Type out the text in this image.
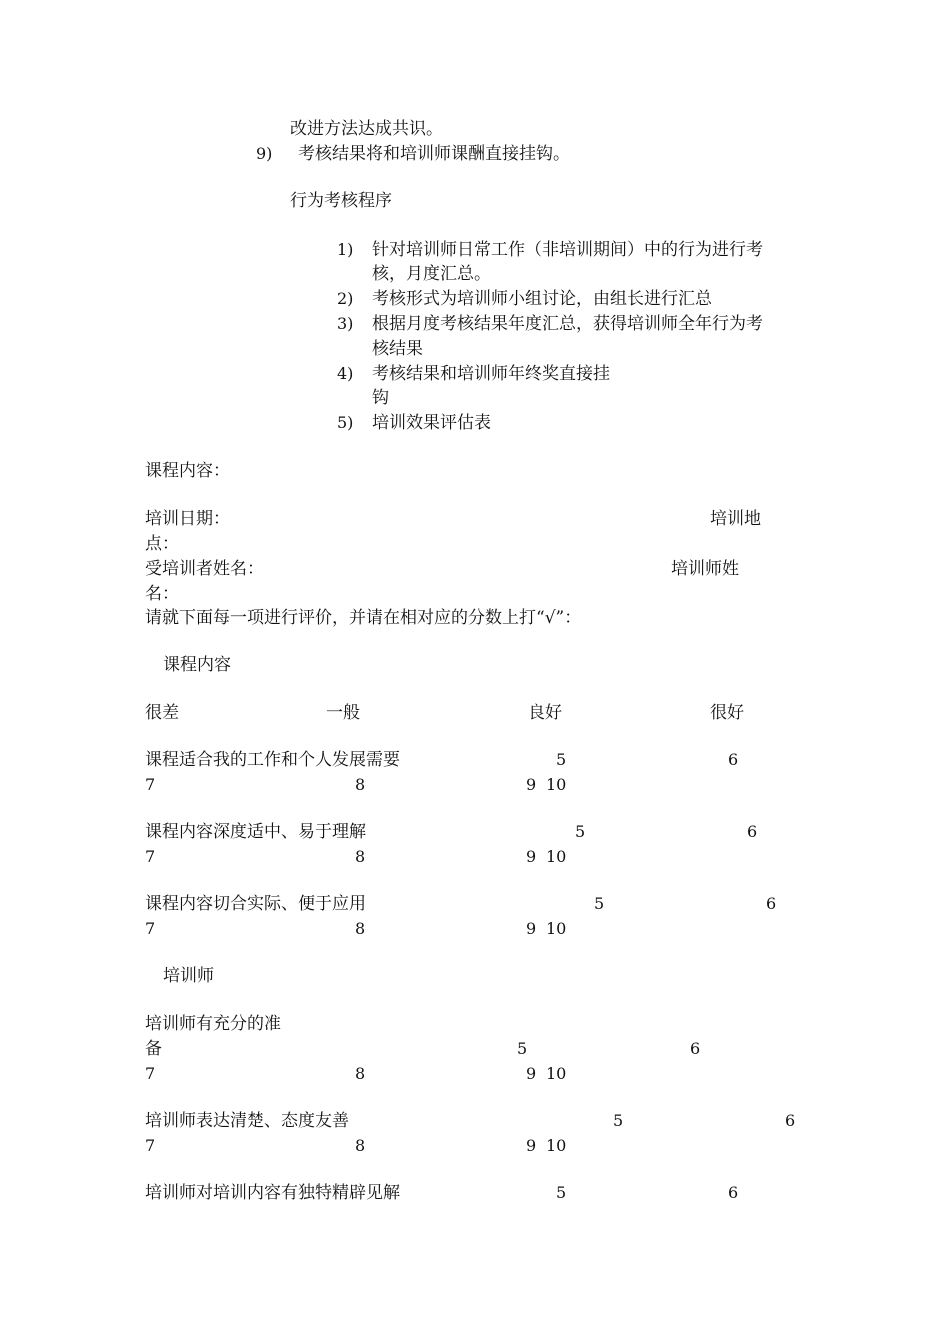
改进方法达成共识。
9) 考核结果将和培训师课酬直接挂钩。
行为考核程序
1) 针对培训师日常工作（非培训期间）中的行为进行考
核，月度汇总。
2) 考核形式为培训师小组讨论，由组长进行汇总
3) 根据月度考核结果年度汇总，获得培训师全年行为考
核结果
4) 考核结果和培训师年终奖直接挂
钩
5) 培训效果评估表
课程内容：
培训日期：	培训地
点：
受培训者姓名：	培训师姓
名：
请就下面每一项进行评价，并请在相对应的分数上打“√”：
课程内容
很差	一般	良好	很好
课程适合我的工作和个人发展需要	5	6
7	8	9 10
课程内容深度适中、易于理解	5	6
7	8	9 10
课程内容切合实际、便于应用	5	6
7	8	9 10
培训师
培训师有充分的准
备	5	6
7	8	9 10
培训师表达清楚、态度友善	5	6
7	8	9 10
培训师对培训内容有独特精辟见解	5	6
